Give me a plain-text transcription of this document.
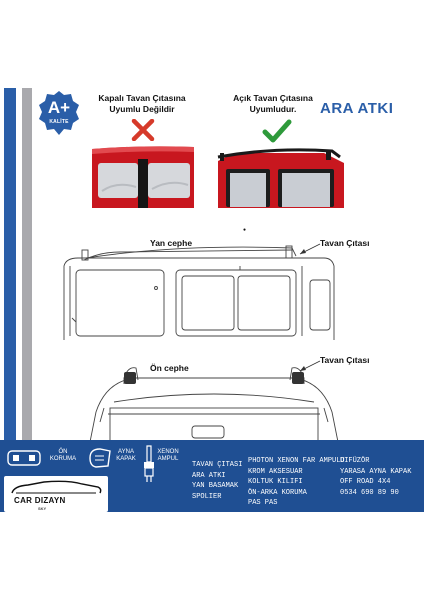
A+
KALİTE
Kapalı Tavan Çıtasına
Uyumlu Değildir
Açık Tavan Çıtasına
Uyumludur.	ARA ATKI
●
Yan cephe	Tavan Çıtası
Ön cephe
Tavan Çıtası
ÖN
KORUMA
AYNA
KAPAK
XENON
AMPUL
TAVAN ÇITASI
ARA ATKI
YAN BASAMAK
SPOLIER
PHOTON XENON FAR AMPULU
KROM AKSESUAR
KOLTUK KILIFI
ÖN-ARKA KORUMA
PAS PAS
DIFÜZÖR
YARASA AYNA KAPAK
OFF ROAD 4X4
0534 690 89 90
CAR DIZAYN
SKY
